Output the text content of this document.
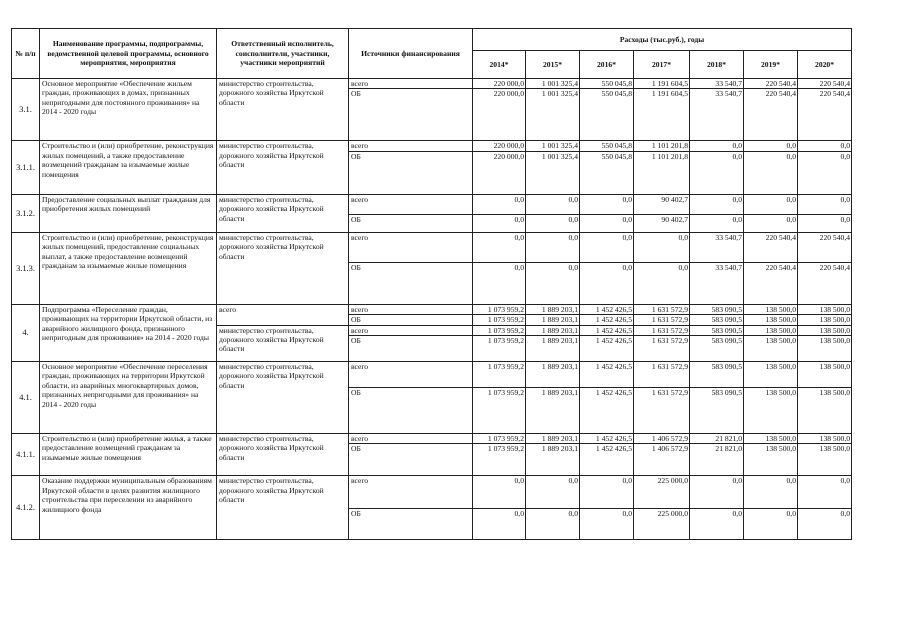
№ п/п	Наименование программы, подпрограммы, ведомственной целевой программы, основного мероприятия, мероприятия	Ответственный исполнитель, соисполнители, участники, участники мероприятий	Источники финансирования	Расходы (тыс.руб.), годы						
				2014*	2015*	2016*	2017*	2018*	2019*	2020*
3.1.	Основное мероприятие «Обеспечение жильем граждан, проживающих в домах, признанных непригодными для постоянного проживания» на 2014 - 2020 годы	министерство строительства, дорожного хозяйства Иркутской области	всего	220 000,0	1 001 325,4	550 045,8	1 191 604,5	33 540,7	220 540,4	220 540,4
			ОБ	220 000,0	1 001 325,4	550 045,8	1 191 604,5	33 540,7	220 540,4	220 540,4
3.1.1.	Строительство и (или) приобретение, реконструкция жилых помещений, а также предоставление возмещений гражданам за изымаемые жилые помещения	министерство строительства, дорожного хозяйства Иркутской области	всего	220 000,0	1 001 325,4	550 045,8	1 101 201,8	0,0	0,0	0,0
			ОБ	220 000,0	1 001 325,4	550 045,8	1 101 201,8	0,0	0,0	0,0
3.1.2.	Предоставление социальных выплат гражданам для приобретения жилых помещений	министерство строительства, дорожного хозяйства Иркутской области	всего	0,0	0,0	0,0	90 402,7	0,0	0,0	0,0
			ОБ	0,0	0,0	0,0	90 402,7	0,0	0,0	0,0
3.1.3.	Строительство и (или) приобретение, реконструкция жилых помещений, предоставление социальных выплат, а также предоставление возмещений гражданам за изымаемые жилые помещения	министерство строительства, дорожного хозяйства Иркутской области	всего	0,0	0,0	0,0	0,0	33 540,7	220 540,4	220 540,4
			ОБ	0,0	0,0	0,0	0,0	33 540,7	220 540,4	220 540,4
4.	Подпрограмма «Переселение граждан, проживающих на территории Иркутской области, из аварийного жилищного фонда, признанного непригодным для проживания» на 2014 - 2020 годы	всего	всего	1 073 959,2	1 889 203,1	1 452 426,5	1 631 572,9	583 090,5	138 500,0	138 500,0
			ОБ	1 073 959,2	1 889 203,1	1 452 426,5	1 631 572,9	583 090,5	138 500,0	138 500,0
		министерство строительства, дорожного хозяйства Иркутской области	всего	1 073 959,2	1 889 203,1	1 452 426,5	1 631 572,9	583 090,5	138 500,0	138 500,0
			ОБ	1 073 959,2	1 889 203,1	1 452 426,5	1 631 572,9	583 090,5	138 500,0	138 500,0
4.1.	Основное мероприятие «Обеспечение переселения граждан, проживающих на территории Иркутской области, из аварийных многоквартирных домов, признанных непригодными для проживания» на 2014 - 2020 годы	министерство строительства, дорожного хозяйства Иркутской области	всего	1 073 959,2	1 889 203,1	1 452 426,5	1 631 572,9	583 090,5	138 500,0	138 500,0
			ОБ	1 073 959,2	1 889 203,1	1 452 426,5	1 631 572,9	583 090,5	138 500,0	138 500,0
4.1.1.	Строительство и (или) приобретение жилья, а также предоставление возмещений гражданам за изымаемые жилые помещения	министерство строительства, дорожного хозяйства Иркутской области	всего	1 073 959,2	1 889 203,1	1 452 426,5	1 406 572,9	21 821,0	138 500,0	138 500,0
			ОБ	1 073 959,2	1 889 203,1	1 452 426,5	1 406 572,9	21 821,0	138 500,0	138 500,0
4.1.2.	Оказание поддержки муниципальным образованиям Иркутской области в целях развития жилищного строительства при переселении из аварийного жилищного фонда	министерство строительства, дорожного хозяйства Иркутской области	всего	0,0	0,0	0,0	225 000,0	0,0	0,0	0,0
			ОБ	0,0	0,0	0,0	225 000,0	0,0	0,0	0,0
